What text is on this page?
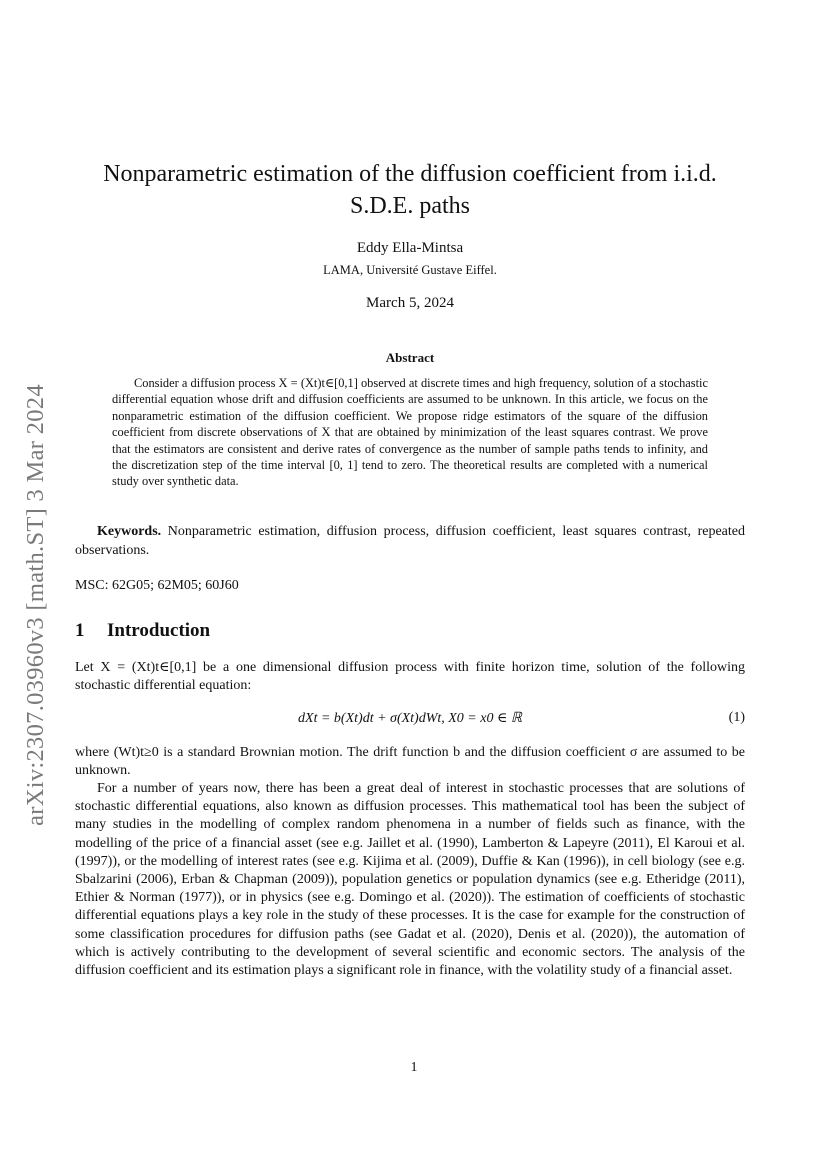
arXiv:2307.03960v3 [math.ST] 3 Mar 2024
Nonparametric estimation of the diffusion coefficient from i.i.d. S.D.E. paths
Eddy Ella-Mintsa
LAMA, Université Gustave Eiffel.
March 5, 2024
Abstract
Consider a diffusion process X = (Xt)t∈[0,1] observed at discrete times and high frequency, solution of a stochastic differential equation whose drift and diffusion coefficients are assumed to be unknown. In this article, we focus on the nonparametric estimation of the diffusion coefficient. We propose ridge estimators of the square of the diffusion coefficient from discrete observations of X that are obtained by minimization of the least squares contrast. We prove that the estimators are consistent and derive rates of convergence as the number of sample paths tends to infinity, and the discretization step of the time interval [0, 1] tend to zero. The theoretical results are completed with a numerical study over synthetic data.
Keywords. Nonparametric estimation, diffusion process, diffusion coefficient, least squares contrast, repeated observations.
MSC: 62G05; 62M05; 60J60
1 Introduction
Let X = (Xt)t∈[0,1] be a one dimensional diffusion process with finite horizon time, solution of the following stochastic differential equation:
dXt = b(Xt)dt + σ(Xt)dWt, X0 = x0 ∈ ℝ	(1)
where (Wt)t≥0 is a standard Brownian motion. The drift function b and the diffusion coefficient σ are assumed to be unknown.
For a number of years now, there has been a great deal of interest in stochastic processes that are solutions of stochastic differential equations, also known as diffusion processes. This mathematical tool has been the subject of many studies in the modelling of complex random phenomena in a number of fields such as finance, with the modelling of the price of a financial asset (see e.g. Jaillet et al. (1990), Lamberton & Lapeyre (2011), El Karoui et al. (1997)), or the modelling of interest rates (see e.g. Kijima et al. (2009), Duffie & Kan (1996)), in cell biology (see e.g. Sbalzarini (2006), Erban & Chapman (2009)), population genetics or population dynamics (see e.g. Etheridge (2011), Ethier & Norman (1977)), or in physics (see e.g. Domingo et al. (2020)). The estimation of coefficients of stochastic differential equations plays a key role in the study of these processes. It is the case for example for the construction of some classification procedures for diffusion paths (see Gadat et al. (2020), Denis et al. (2020)), the automation of which is actively contributing to the development of several scientific and economic sectors. The analysis of the diffusion coefficient and its estimation plays a significant role in finance, with the volatility study of a financial asset.
1
